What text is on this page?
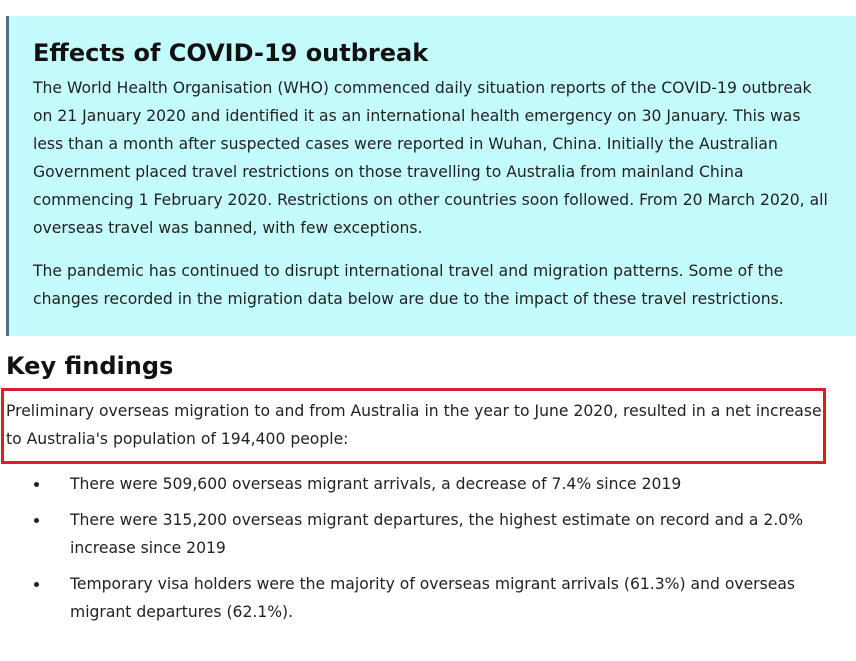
Effects of COVID-19 outbreak

The World Health Organisation (WHO) commenced daily situation reports of the COVID-19 outbreak on 21 January 2020 and identified it as an international health emergency on 30 January. This was less than a month after suspected cases were reported in Wuhan, China. Initially the Australian Government placed travel restrictions on those travelling to Australia from mainland China commencing 1 February 2020. Restrictions on other countries soon followed. From 20 March 2020, all overseas travel was banned, with few exceptions.

The pandemic has continued to disrupt international travel and migration patterns. Some of the changes recorded in the migration data below are due to the impact of these travel restrictions.

Key findings

Preliminary overseas migration to and from Australia in the year to June 2020, resulted in a net increase to Australia's population of 194,400 people:

There were 509,600 overseas migrant arrivals, a decrease of 7.4% since 2019
There were 315,200 overseas migrant departures, the highest estimate on record and a 2.0% increase since 2019
Temporary visa holders were the majority of overseas migrant arrivals (61.3%) and overseas migrant departures (62.1%).
